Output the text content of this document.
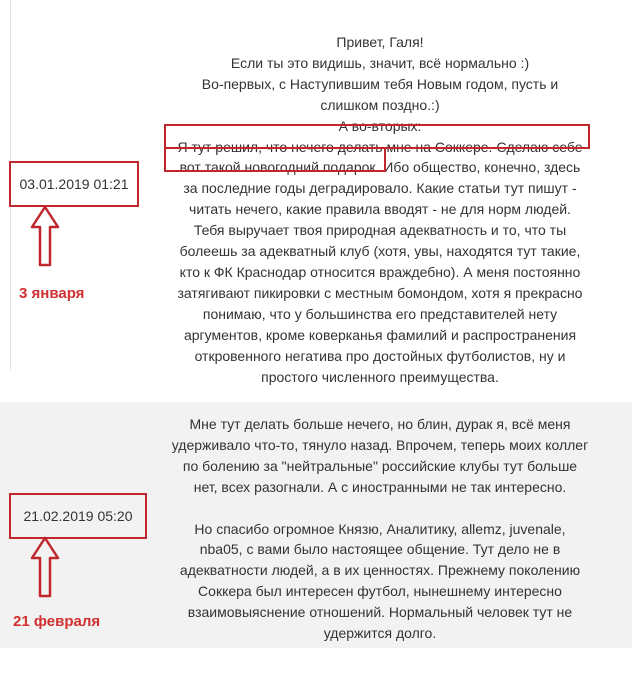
Привет, Галя!
Если ты это видишь, значит, всё нормально :)
Во-первых, с Наступившим тебя Новым годом, пусть и
слишком поздно.:)
А во-вторых:
Я тут решил, что нечего делать мне на Соккере. Сделаю себе
вот такой новогодний подарок. Ибо общество, конечно, здесь
за последние годы деградировало. Какие статьи тут пишут -
читать нечего, какие правила вводят - не для норм людей.
Тебя выручает твоя природная адекватность и то, что ты
болеешь за адекватный клуб (хотя, увы, находятся тут такие,
кто к ФК Краснодар относится враждебно). А меня постоянно
затягивают пикировки с местным бомондом, хотя я прекрасно
понимаю, что у большинства его представителей нету
аргументов, кроме коверканья фамилий и распространения
откровенного негатива про достойных футболистов, ну и
простого численного преимущества.
03.01.2019 01:21
3 января
Мне тут делать больше нечего, но блин, дурак я, всё меня
удерживало что-то, тянуло назад. Впрочем, теперь моих коллег
по болению за "нейтральные" российские клубы тут больше
нет, всех разогнали. А с иностранными не так интересно.
Но спасибо огромное Князю, Аналитику, allemz, juvenale,
nba05, с вами было настоящее общение. Тут дело не в
адекватности людей, а в их ценностях. Прежнему поколению
Соккера был интересен футбол, нынешнему интересно
взаимовыяснение отношений. Нормальный человек тут не
удержится долго.
21.02.2019 05:20
21 февраля
